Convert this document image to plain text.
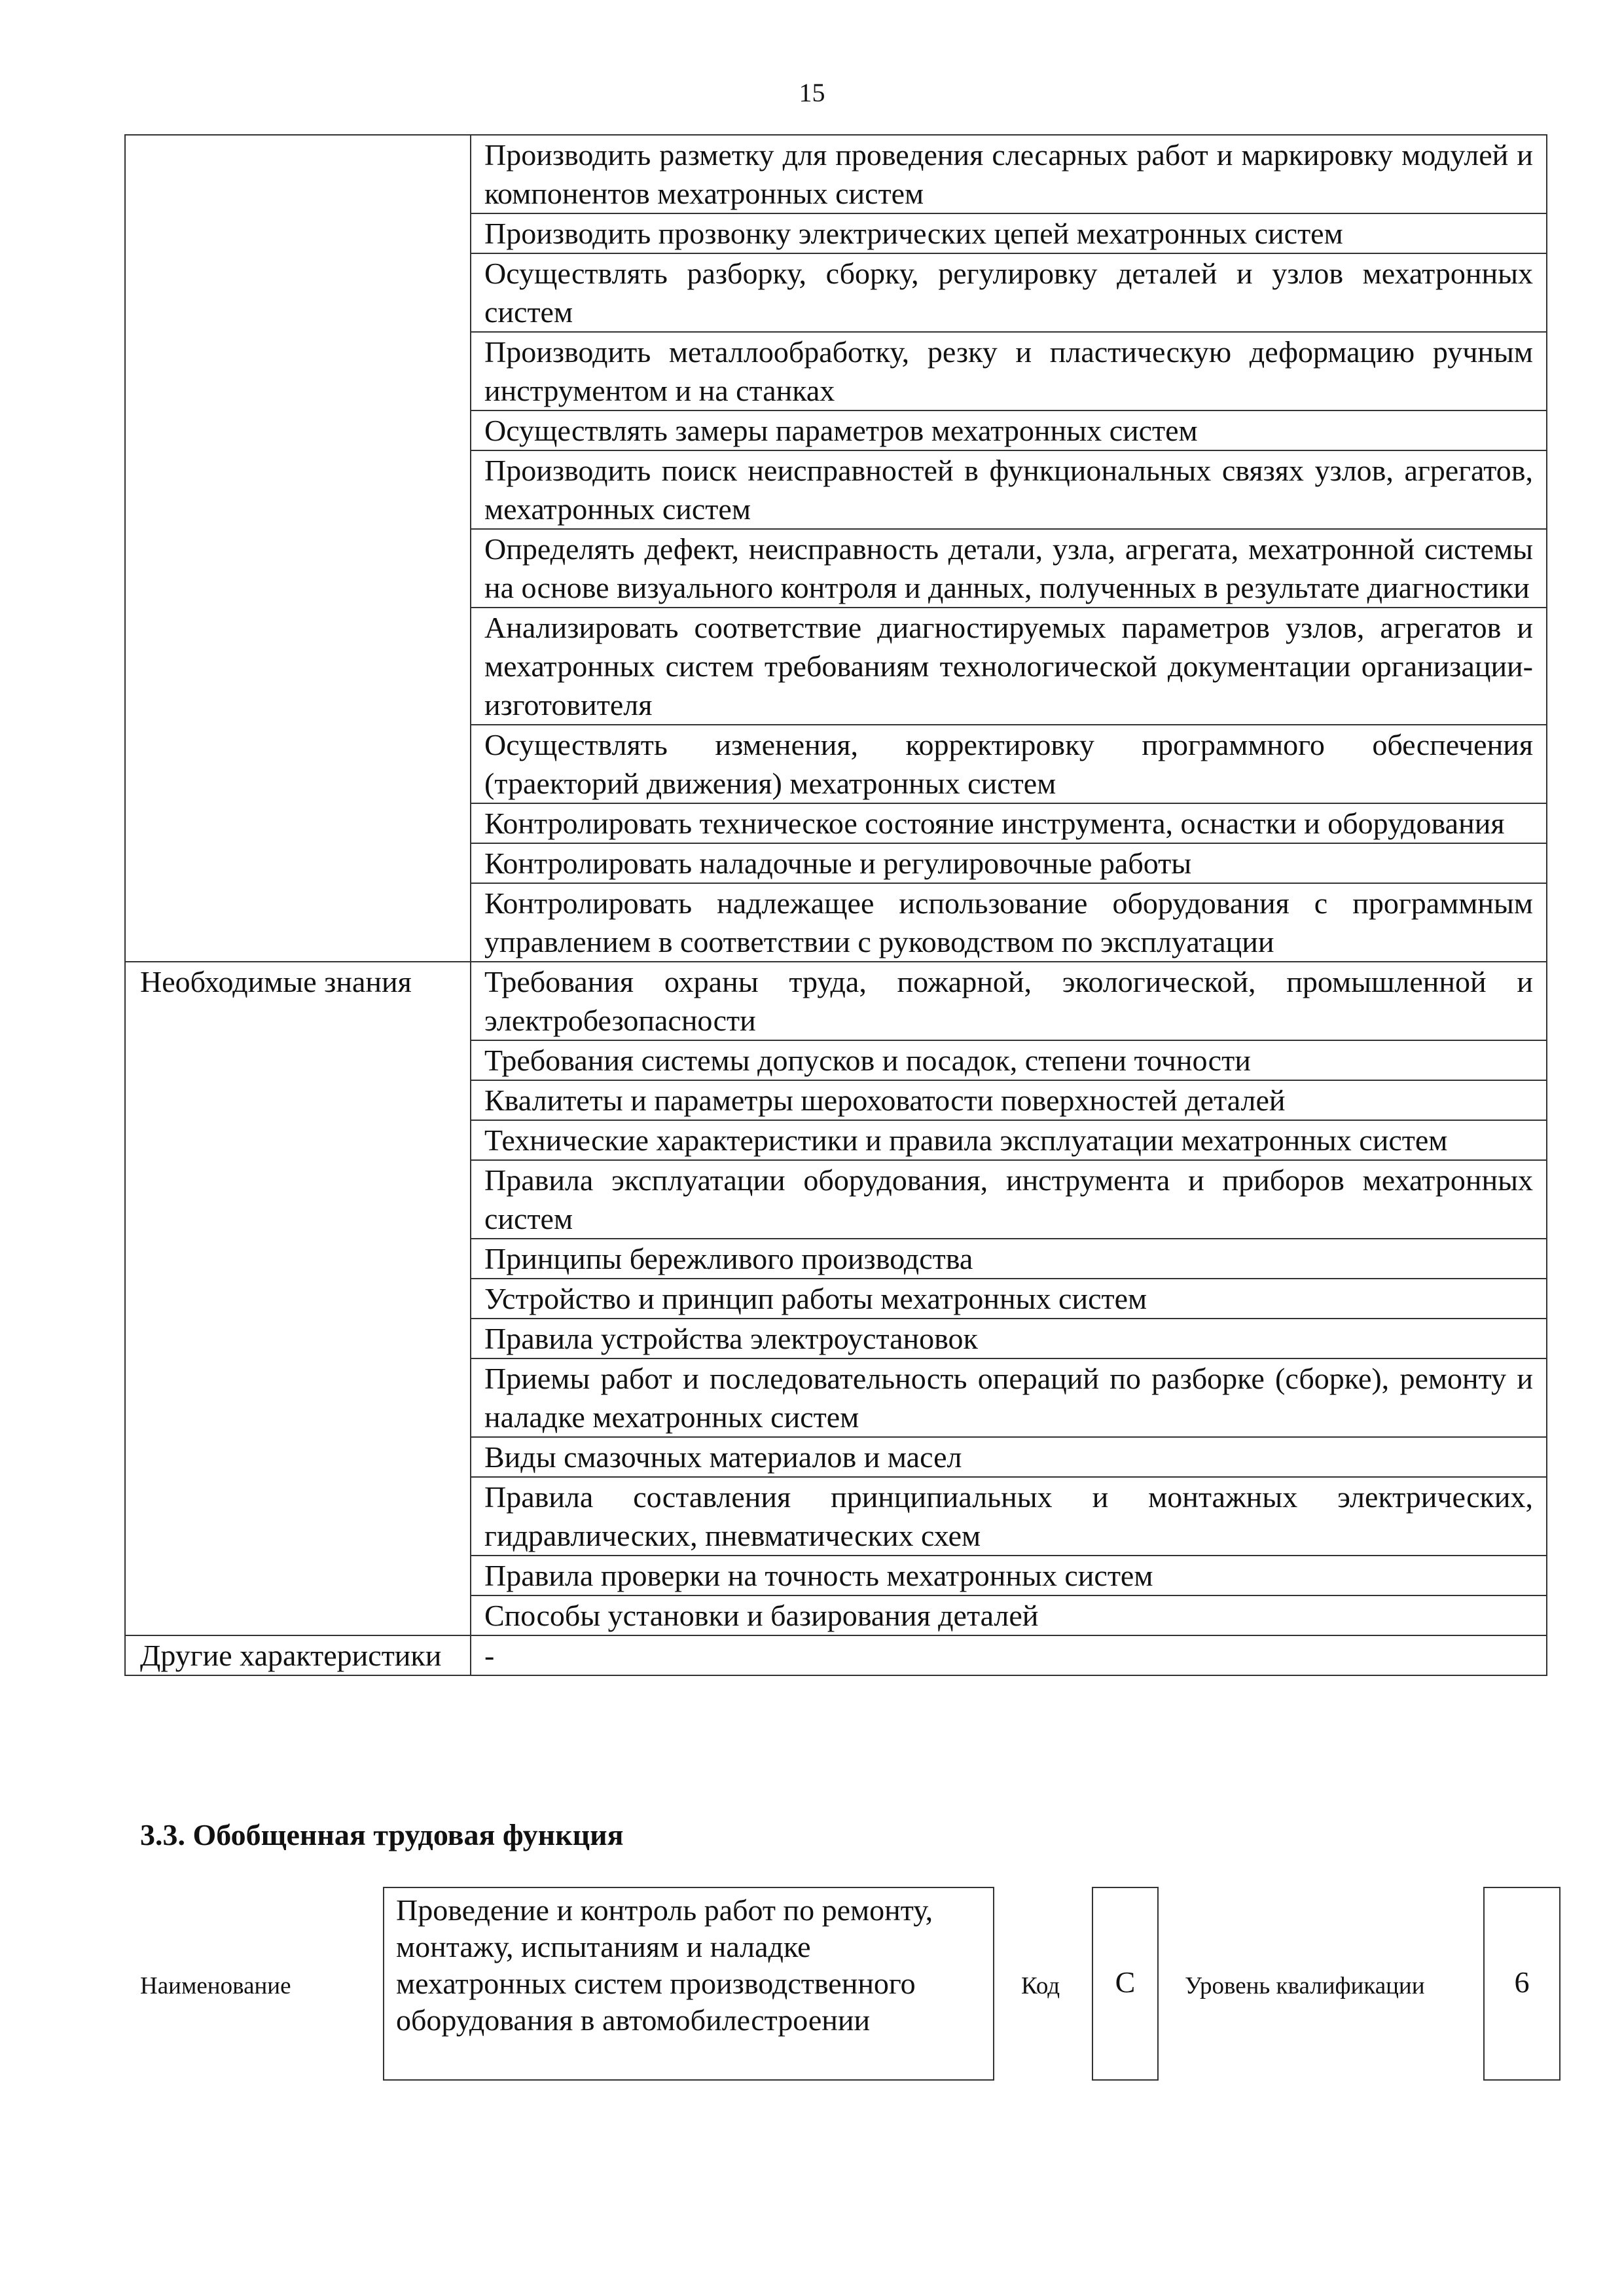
15
	Производить разметку для проведения слесарных работ и маркировку модулей и компонентов мехатронных систем
	Производить прозвонку электрических цепей мехатронных систем
	Осуществлять разборку, сборку, регулировку деталей и узлов мехатронных систем
	Производить металлообработку, резку и пластическую деформацию ручным инструментом и на станках
	Осуществлять замеры параметров мехатронных систем
	Производить поиск неисправностей в функциональных связях узлов, агрегатов, мехатронных систем
	Определять дефект, неисправность детали, узла, агрегата, мехатронной системы на основе визуального контроля и данных, полученных в результате диагностики
	Анализировать соответствие диагностируемых параметров узлов, агрегатов и мехатронных систем требованиям технологической документации организации-изготовителя
	Осуществлять изменения, корректировку программного обеспечения (траекторий движения) мехатронных систем
	Контролировать техническое состояние инструмента, оснастки и оборудования
	Контролировать наладочные и регулировочные работы
	Контролировать надлежащее использование оборудования с программным управлением в соответствии с руководством по эксплуатации
Необходимые знания	Требования охраны труда, пожарной, экологической, промышленной и электробезопасности
	Требования системы допусков и посадок, степени точности
	Квалитеты и параметры шероховатости поверхностей деталей
	Технические характеристики и правила эксплуатации мехатронных систем
	Правила эксплуатации оборудования, инструмента и приборов мехатронных систем
	Принципы бережливого производства
	Устройство и принцип работы мехатронных систем
	Правила устройства электроустановок
	Приемы работ и последовательность операций по разборке (сборке), ремонту и наладке мехатронных систем
	Виды смазочных материалов и масел
	Правила составления принципиальных и монтажных электрических, гидравлических, пневматических схем
	Правила проверки на точность мехатронных систем
	Способы установки и базирования деталей
Другие характеристики	-
3.3. Обобщенная трудовая функция
Наименование
Проведение и контроль работ по ремонту, монтажу, испытаниям и наладке мехатронных систем производственного оборудования в автомобилестроении
Код	C	Уровень квалификации	6
